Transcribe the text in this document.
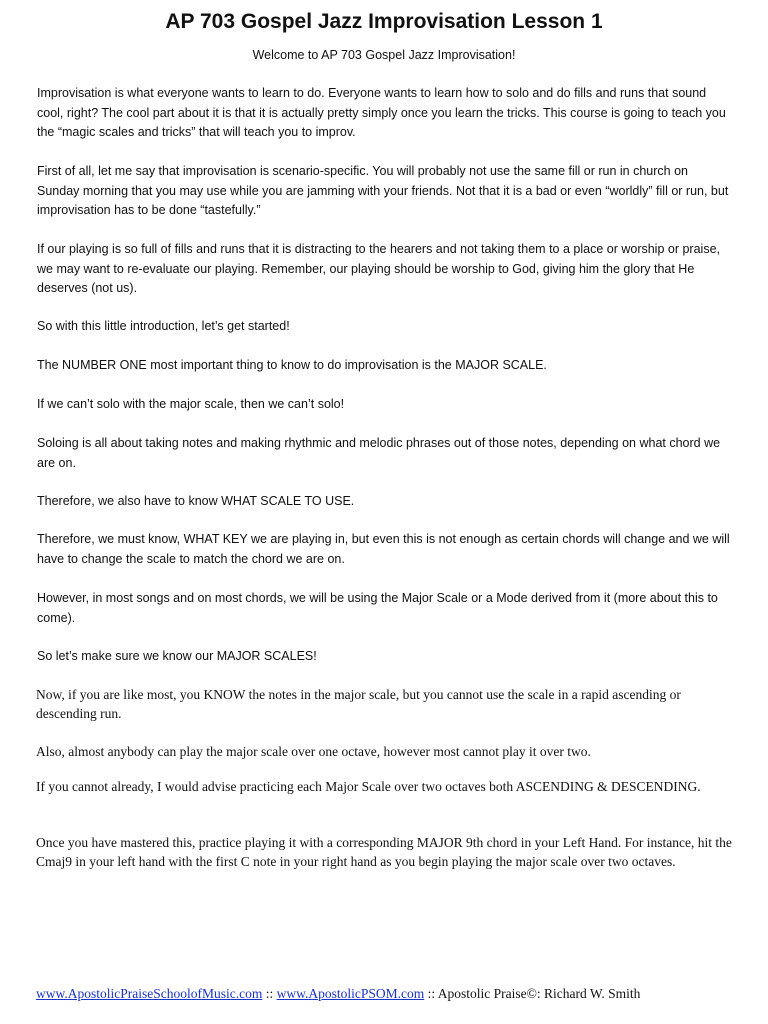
AP 703 Gospel Jazz Improvisation Lesson 1

Welcome to AP 703 Gospel Jazz Improvisation!

Improvisation is what everyone wants to learn to do. Everyone wants to learn how to solo and do fills and runs that sound cool, right? The cool part about it is that it is actually pretty simply once you learn the tricks. This course is going to teach you the “magic scales and tricks” that will teach you to improv.

First of all, let me say that improvisation is scenario-specific. You will probably not use the same fill or run in church on Sunday morning that you may use while you are jamming with your friends. Not that it is a bad or even “worldly” fill or run, but improvisation has to be done “tastefully.”

If our playing is so full of fills and runs that it is distracting to the hearers and not taking them to a place or worship or praise, we may want to re-evaluate our playing. Remember, our playing should be worship to God, giving him the glory that He deserves (not us).

So with this little introduction, let’s get started!

The NUMBER ONE most important thing to know to do improvisation is the MAJOR SCALE.

If we can’t solo with the major scale, then we can’t solo!

Soloing is all about taking notes and making rhythmic and melodic phrases out of those notes, depending on what chord we are on.

Therefore, we also have to know WHAT SCALE TO USE.

Therefore, we must know, WHAT KEY we are playing in, but even this is not enough as certain chords will change and we will have to change the scale to match the chord we are on.

However, in most songs and on most chords, we will be using the Major Scale or a Mode derived from it (more about this to come).

So let’s make sure we know our MAJOR SCALES!

Now, if you are like most, you KNOW the notes in the major scale, but you cannot use the scale in a rapid ascending or descending run.

Also, almost anybody can play the major scale over one octave, however most cannot play it over two.

If you cannot already, I would advise practicing each Major Scale over two octaves both ASCENDING & DESCENDING.

Once you have mastered this, practice playing it with a corresponding MAJOR 9th chord in your Left Hand. For instance, hit the Cmaj9 in your left hand with the first C note in your right hand as you begin playing the major scale over two octaves.

www.ApostolicPraiseSchoolofMusic.com :: www.ApostolicPSOM.com :: Apostolic Praise©: Richard W. Smith
